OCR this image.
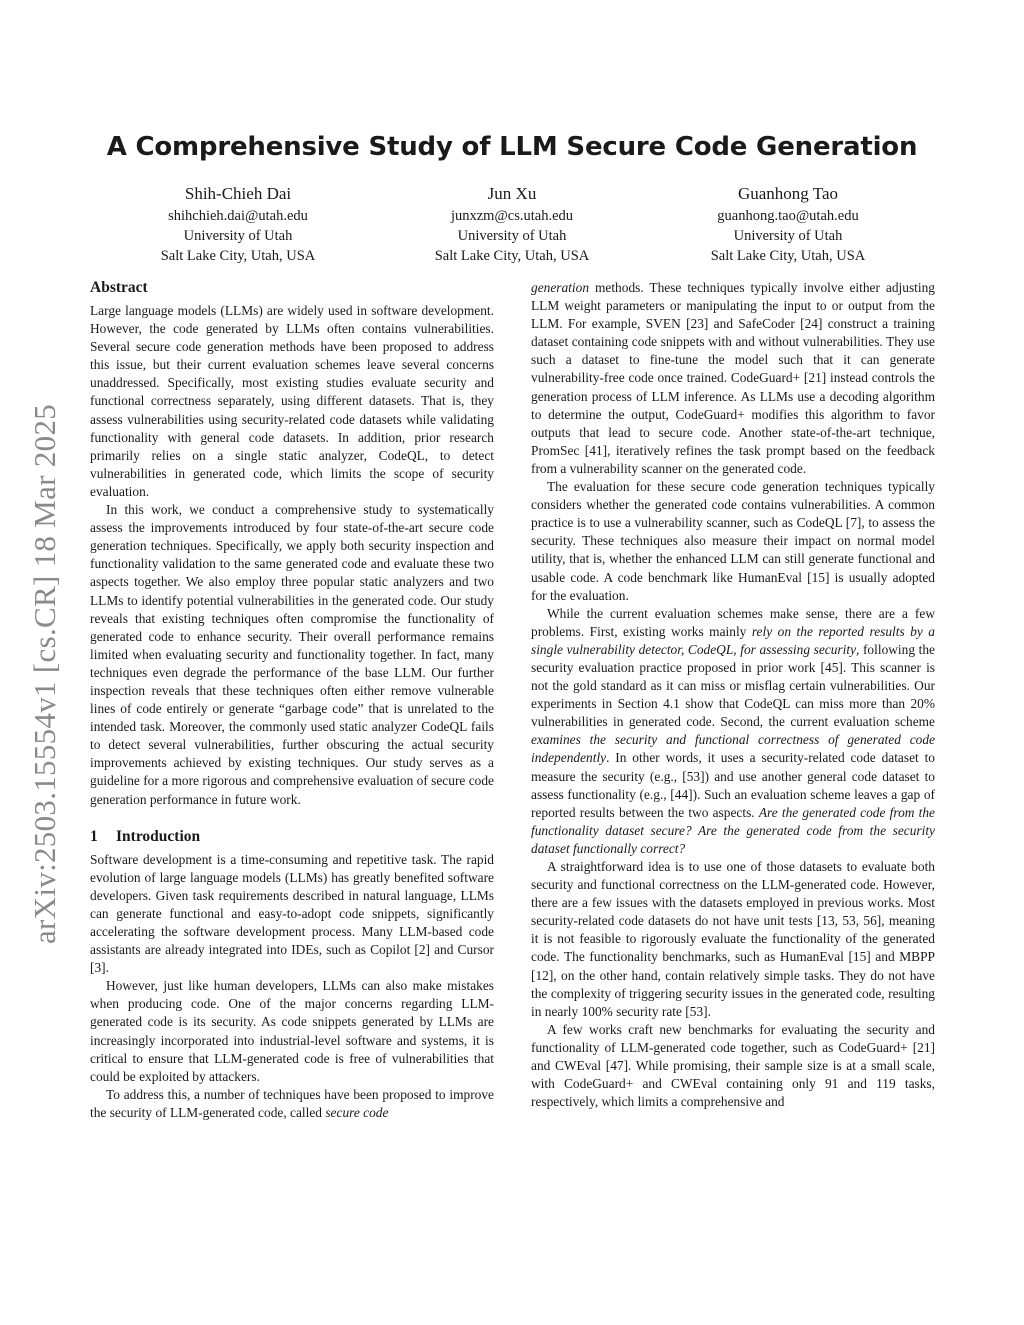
arXiv:2503.15554v1 [cs.CR] 18 Mar 2025
A Comprehensive Study of LLM Secure Code Generation
Shih-Chieh Dai
shihchieh.dai@utah.edu
University of Utah
Salt Lake City, Utah, USA
Jun Xu
junxzm@cs.utah.edu
University of Utah
Salt Lake City, Utah, USA
Guanhong Tao
guanhong.tao@utah.edu
University of Utah
Salt Lake City, Utah, USA
Abstract

Large language models (LLMs) are widely used in software development. However, the code generated by LLMs often contains vulnerabilities. Several secure code generation methods have been proposed to address this issue, but their current evaluation schemes leave several concerns unaddressed. Specifically, most existing studies evaluate security and functional correctness separately, using different datasets. That is, they assess vulnerabilities using security-related code datasets while validating functionality with general code datasets. In addition, prior research primarily relies on a single static analyzer, CodeQL, to detect vulnerabilities in generated code, which limits the scope of security evaluation.

In this work, we conduct a comprehensive study to systematically assess the improvements introduced by four state-of-the-art secure code generation techniques. Specifically, we apply both security inspection and functionality validation to the same generated code and evaluate these two aspects together. We also employ three popular static analyzers and two LLMs to identify potential vulnerabilities in the generated code. Our study reveals that existing techniques often compromise the functionality of generated code to enhance security. Their overall performance remains limited when evaluating security and functionality together. In fact, many techniques even degrade the performance of the base LLM. Our further inspection reveals that these techniques often either remove vulnerable lines of code entirely or generate “garbage code” that is unrelated to the intended task. Moreover, the commonly used static analyzer CodeQL fails to detect several vulnerabilities, further obscuring the actual security improvements achieved by existing techniques. Our study serves as a guideline for a more rigorous and comprehensive evaluation of secure code generation performance in future work.

1 Introduction

Software development is a time-consuming and repetitive task. The rapid evolution of large language models (LLMs) has greatly benefited software developers. Given task requirements described in natural language, LLMs can generate functional and easy-to-adopt code snippets, significantly accelerating the software development process. Many LLM-based code assistants are already integrated into IDEs, such as Copilot [2] and Cursor [3].

However, just like human developers, LLMs can also make mistakes when producing code. One of the major concerns regarding LLM-generated code is its security. As code snippets generated by LLMs are increasingly incorporated into industrial-level software and systems, it is critical to ensure that LLM-generated code is free of vulnerabilities that could be exploited by attackers.

To address this, a number of techniques have been proposed to improve the security of LLM-generated code, called secure code

generation methods. These techniques typically involve either adjusting LLM weight parameters or manipulating the input to or output from the LLM. For example, SVEN [23] and SafeCoder [24] construct a training dataset containing code snippets with and without vulnerabilities. They use such a dataset to fine-tune the model such that it can generate vulnerability-free code once trained. CodeGuard+ [21] instead controls the generation process of LLM inference. As LLMs use a decoding algorithm to determine the output, CodeGuard+ modifies this algorithm to favor outputs that lead to secure code. Another state-of-the-art technique, PromSec [41], iteratively refines the task prompt based on the feedback from a vulnerability scanner on the generated code.

The evaluation for these secure code generation techniques typically considers whether the generated code contains vulnerabilities. A common practice is to use a vulnerability scanner, such as CodeQL [7], to assess the security. These techniques also measure their impact on normal model utility, that is, whether the enhanced LLM can still generate functional and usable code. A code benchmark like HumanEval [15] is usually adopted for the evaluation.

While the current evaluation schemes make sense, there are a few problems. First, existing works mainly rely on the reported results by a single vulnerability detector, CodeQL, for assessing security, following the security evaluation practice proposed in prior work [45]. This scanner is not the gold standard as it can miss or misflag certain vulnerabilities. Our experiments in Section 4.1 show that CodeQL can miss more than 20% vulnerabilities in generated code. Second, the current evaluation scheme examines the security and functional correctness of generated code independently. In other words, it uses a security-related code dataset to measure the security (e.g., [53]) and use another general code dataset to assess functionality (e.g., [44]). Such an evaluation scheme leaves a gap of reported results between the two aspects. Are the generated code from the functionality dataset secure? Are the generated code from the security dataset functionally correct?

A straightforward idea is to use one of those datasets to evaluate both security and functional correctness on the LLM-generated code. However, there are a few issues with the datasets employed in previous works. Most security-related code datasets do not have unit tests [13, 53, 56], meaning it is not feasible to rigorously evaluate the functionality of the generated code. The functionality benchmarks, such as HumanEval [15] and MBPP [12], on the other hand, contain relatively simple tasks. They do not have the complexity of triggering security issues in the generated code, resulting in nearly 100% security rate [53].

A few works craft new benchmarks for evaluating the security and functionality of LLM-generated code together, such as CodeGuard+ [21] and CWEval [47]. While promising, their sample size is at a small scale, with CodeGuard+ and CWEval containing only 91 and 119 tasks, respectively, which limits a comprehensive and
